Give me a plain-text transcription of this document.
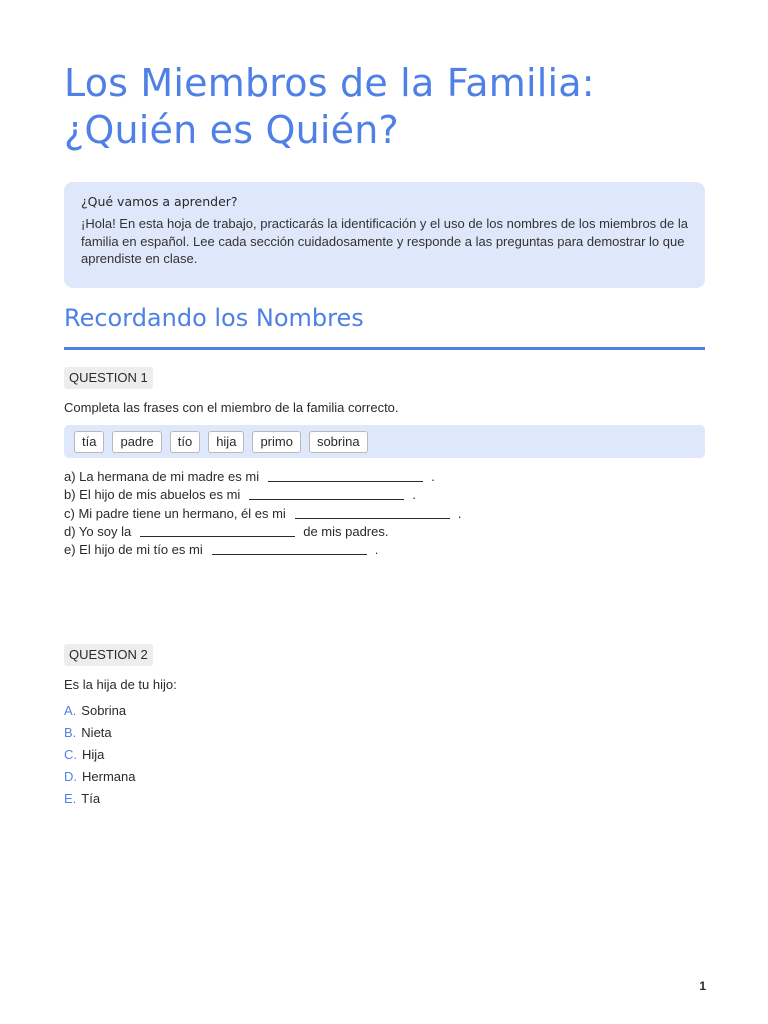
Los Miembros de la Familia:
¿Quién es Quién?

¿Qué vamos a aprender?

¡Hola! En esta hoja de trabajo, practicarás la identificación y el uso de los nombres de los miembros de la familia en español. Lee cada sección cuidadosamente y responde a las preguntas para demostrar lo que aprendiste en clase.

Recordando los Nombres
QUESTION 1
Completa las frases con el miembro de la familia correcto.
tía	padre	tío	hija	primo	sobrina
a) La hermana de mi madre es mi	.
b) El hijo de mis abuelos es mi	.
c) Mi padre tiene un hermano, él es mi	.
d) Yo soy la	de mis padres.
e) El hijo de mi tío es mi	.
QUESTION 2
Es la hija de tu hijo:
A. Sobrina
B. Nieta
C. Hija
D. Hermana
E. Tía
1
